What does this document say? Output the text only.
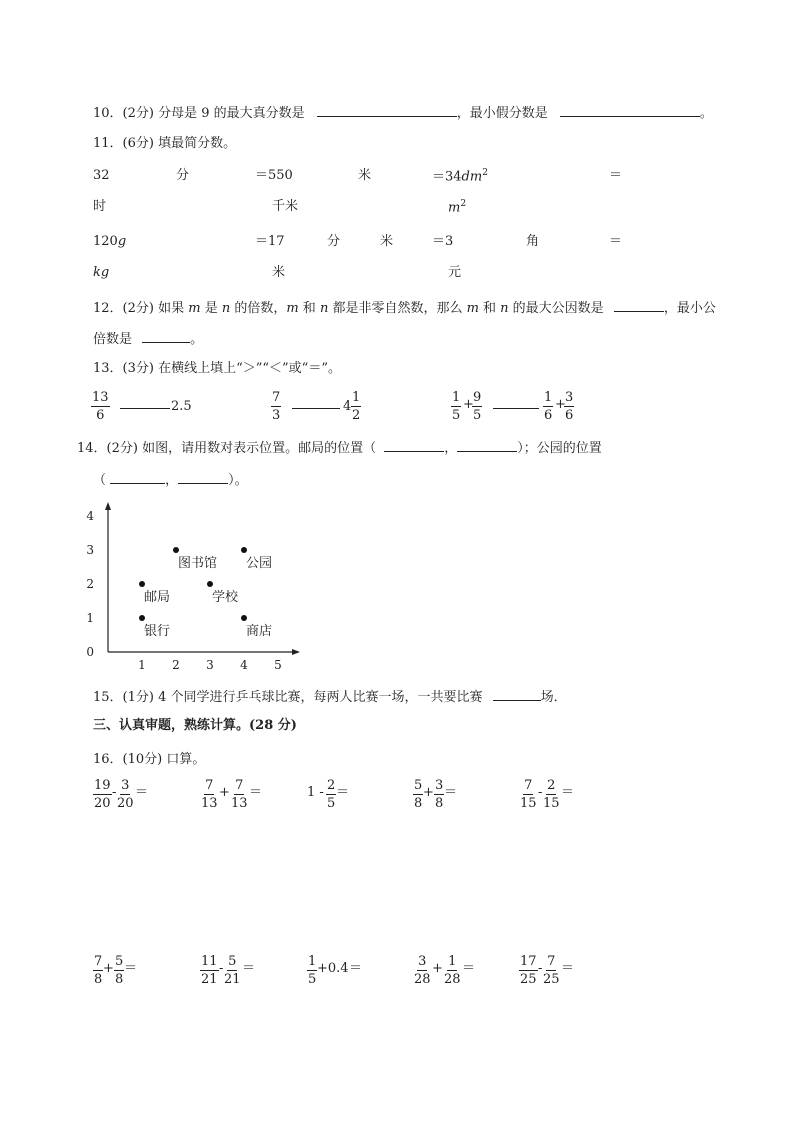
10．(2分) 分母是 9 的最大真分数是	，最小假分数是	。
11．(6分) 填最简分数。
32	分	＝550	米	$=34dm^2$	＝
时	千米	$m^2$
120g	＝17	分	米	＝3	角	＝
kg	米	元
12．(2分) 如果 m 是 n 的倍数，m 和 n 都是非零自然数，那么 m 和 n 的最大公因数是	，最小公
倍数是	。
13．(3分) 在横线上填上“＞”“＜”或“＝”。
$\frac{13}{6}$	2.5	$\frac{7}{3}$	$4 \frac{1}{2}$	$\frac{1}{5}$ +
$\frac{9}{5}$	$\frac{1}{6}$ +
$\frac{3}{6}$
14．(2分) 如图，请用数对表示位置。邮局的位置（	，	）；公园的位置
（	，	）。
1 2 3 4 5
0
1
2
3
4
图书馆 公园
邮局	学校
银行	商店
15．(1分) 4 个同学进行乒乓球比赛，每两人比赛一场，一共要比赛	场．
三、认真审题，熟练计算。(28 分)
16．(10分) 口算。
$\frac{19}{20} - \frac{3}{20}$ ＝	$\frac{7}{13} + \frac{7}{13}$ ＝	$1 - \frac{2}{5}$ ＝	$\frac{5}{8} + \frac{3}{8}$ ＝	$\frac{7}{15} - \frac{2}{15}$ ＝
$\frac{7}{8} + \frac{5}{8}$ ＝	$\frac{11}{21} - \frac{5}{21}$ ＝	$\frac{1}{5} +0.4$ ＝	$\frac{3}{28} + \frac{1}{28}$ ＝	$\frac{17}{25} - \frac{7}{25}$ ＝
